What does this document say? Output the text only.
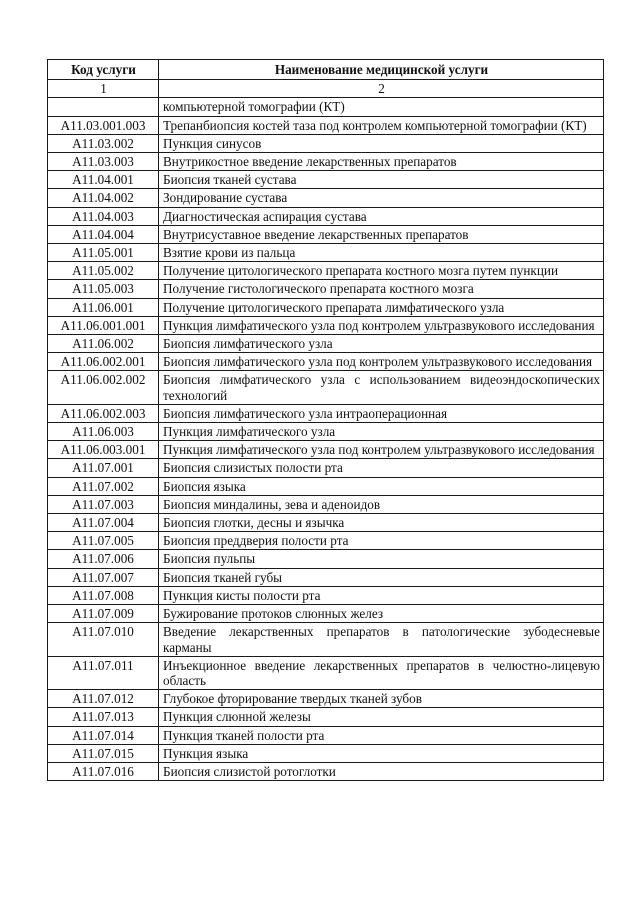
Код услуги	Наименование медицинской услуги
1	2
	компьютерной томографии (КТ)
А11.03.001.003	Трепанбиопсия костей таза под контролем компьютерной томографии (КТ)
А11.03.002	Пункция синусов
А11.03.003	Внутрикостное введение лекарственных препаратов
А11.04.001	Биопсия тканей сустава
А11.04.002	Зондирование сустава
А11.04.003	Диагностическая аспирация сустава
А11.04.004	Внутрисуставное введение лекарственных препаратов
А11.05.001	Взятие крови из пальца
А11.05.002	Получение цитологического препарата костного мозга путем пункции
А11.05.003	Получение гистологического препарата костного мозга
А11.06.001	Получение цитологического препарата лимфатического узла
А11.06.001.001	Пункция лимфатического узла под контролем ультразвукового исследования
А11.06.002	Биопсия лимфатического узла
А11.06.002.001	Биопсия лимфатического узла под контролем ультразвукового исследования
А11.06.002.002	Биопсия лимфатического узла с использованием видеоэндоскопических технологий
А11.06.002.003	Биопсия лимфатического узла интраоперационная
А11.06.003	Пункция лимфатического узла
А11.06.003.001	Пункция лимфатического узла под контролем ультразвукового исследования
А11.07.001	Биопсия слизистых полости рта
А11.07.002	Биопсия языка
А11.07.003	Биопсия миндалины, зева и аденоидов
А11.07.004	Биопсия глотки, десны и язычка
А11.07.005	Биопсия преддверия полости рта
А11.07.006	Биопсия пульпы
А11.07.007	Биопсия тканей губы
А11.07.008	Пункция кисты полости рта
А11.07.009	Бужирование протоков слюнных желез
А11.07.010	Введение лекарственных препаратов в патологические зубодесневые карманы
А11.07.011	Инъекционное введение лекарственных препаратов в челюстно-лицевую область
А11.07.012	Глубокое фторирование твердых тканей зубов
А11.07.013	Пункция слюнной железы
А11.07.014	Пункция тканей полости рта
А11.07.015	Пункция языка
А11.07.016	Биопсия слизистой ротоглотки
